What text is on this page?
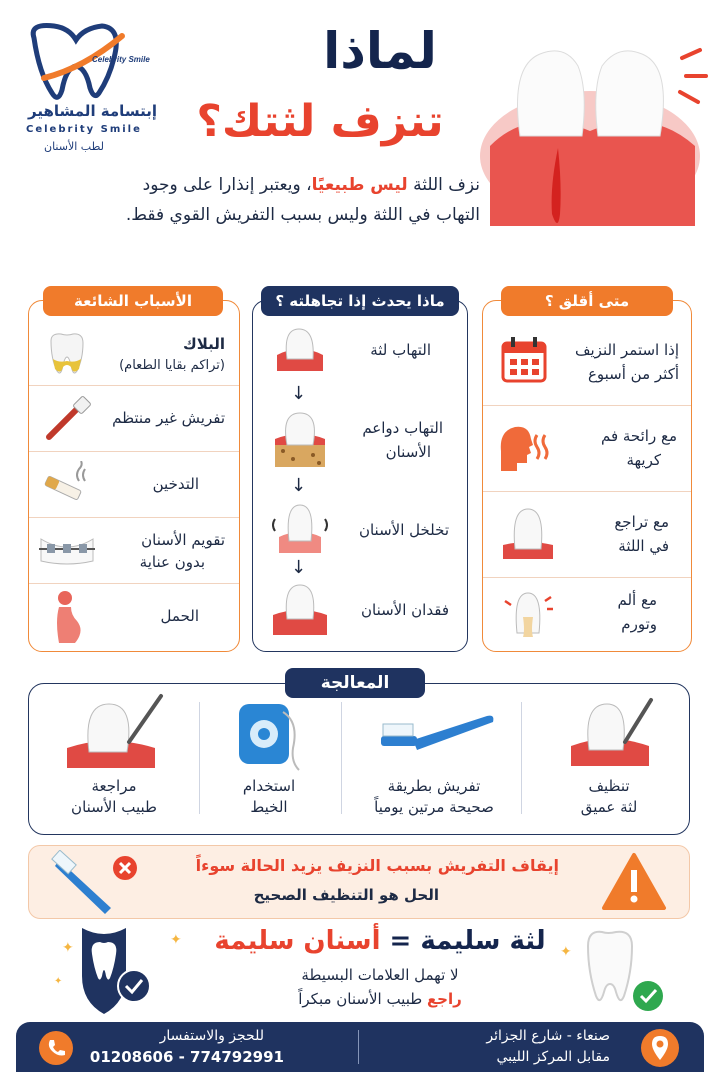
Celebrity Smile
إبتسامة المشاهير
Celebrity Smile
لطب الأسنان
لماذا
تنزف لثتك؟
نزف اللثة ليس طبيعيًا، ويعتبر إنذارا على وجود التهاب في اللثة وليس بسبب التفريش القوي فقط.
الأسباب الشائعة
البلاك
(تراكم بقايا الطعام)
تفريش غير منتظم
التدخين
تقويم الأسنان
بدون عناية
الحمل
ماذا يحدث إذا تجاهلته ؟
التهاب لثة
↓
التهاب دواعم
الأسنان
↓
تخلخل الأسنان
↓
فقدان الأسنان
متى أقلق ؟
إذا استمر النزيف
أكثر من أسبوع
مع رائحة فم
كريهة
مع تراجع
في اللثة
مع ألم
وتورم
المعالجة
تنظيف
لثة عميق
تفريش بطريقة
صحيحة مرتين يومياً
استخدام
الخيط
مراجعة
طبيب الأسنان
إيقاف التفريش بسبب النزيف يزيد الحالة سوءاً
الحل هو التنظيف الصحيح
✦	✦
✦
✦
لثة سليمة = أسنان سليمة
لا تهمل العلامات البسيطة
راجع طبيب الأسنان مبكراً
للحجز والاستفسار
01208606 - 774792991
صنعاء - شارع الجزائر
مقابل المركز الليبي
